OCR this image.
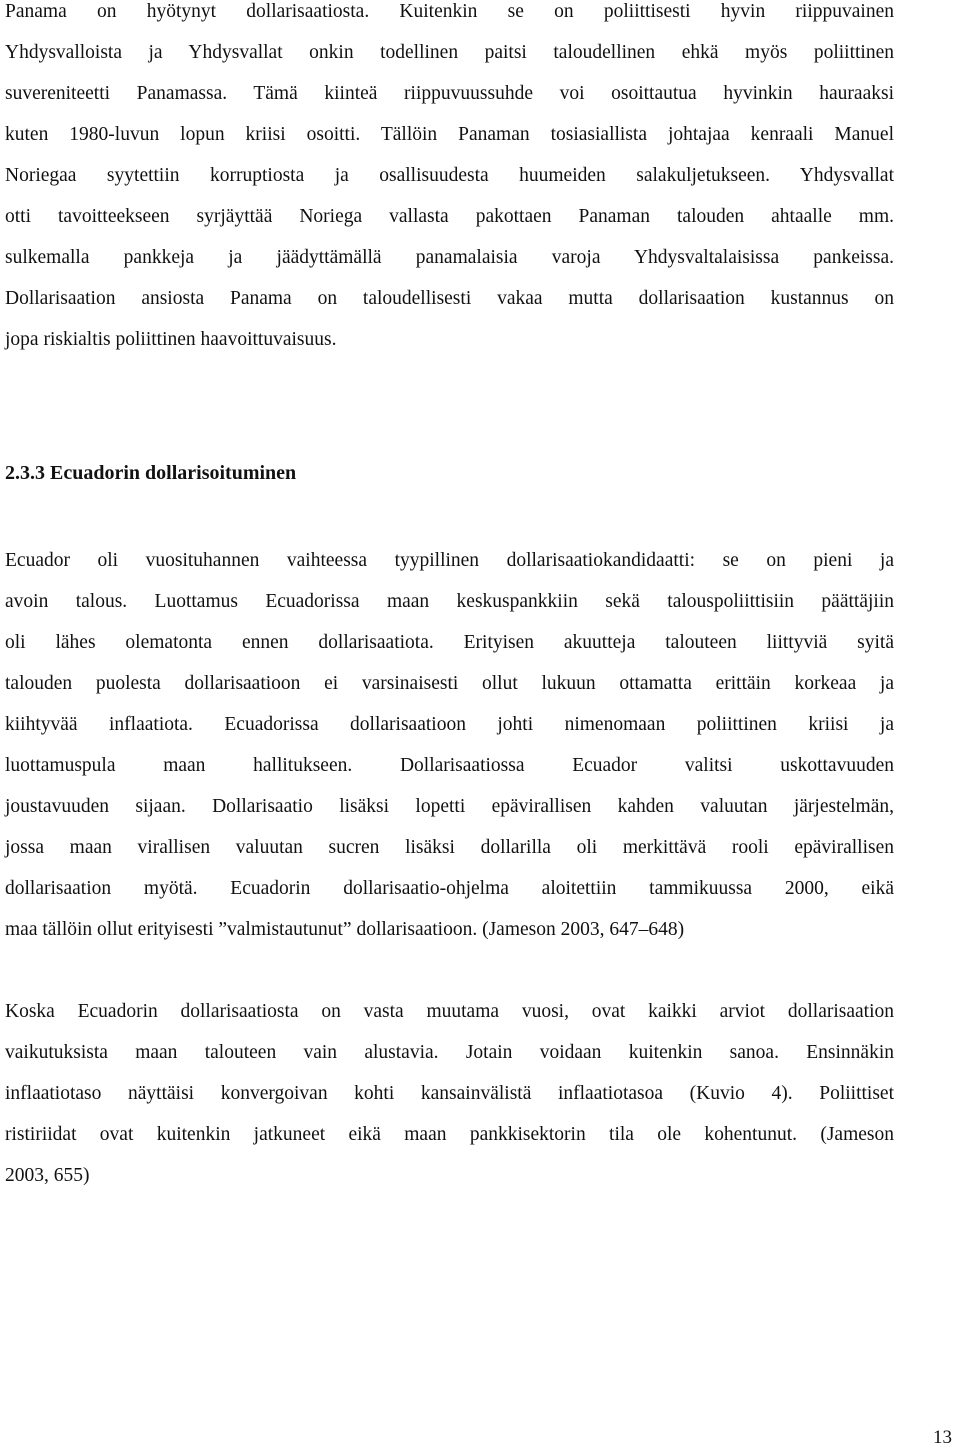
Panama on hyötynyt dollarisaatiosta. Kuitenkin se on poliittisesti hyvin riippuvainen

Yhdysvalloista ja Yhdysvallat onkin todellinen paitsi taloudellinen ehkä myös poliittinen

suvereniteetti Panamassa. Tämä kiinteä riippuvuussuhde voi osoittautua hyvinkin hauraaksi

kuten 1980-luvun lopun kriisi osoitti. Tällöin Panaman tosiasiallista johtajaa kenraali Manuel

Noriegaa syytettiin korruptiosta ja osallisuudesta huumeiden salakuljetukseen. Yhdysvallat

otti tavoitteekseen syrjäyttää Noriega vallasta pakottaen Panaman talouden ahtaalle mm.

sulkemalla pankkeja ja jäädyttämällä panamalaisia varoja Yhdysvaltalaisissa pankeissa.

Dollarisaation ansiosta Panama on taloudellisesti vakaa mutta dollarisaation kustannus on

jopa riskialtis poliittinen haavoittuvaisuus.

2.3.3 Ecuadorin dollarisoituminen

Ecuador oli vuosituhannen vaihteessa tyypillinen dollarisaatiokandidaatti: se on pieni ja

avoin talous. Luottamus Ecuadorissa maan keskuspankkiin sekä talouspoliittisiin päättäjiin

oli lähes olematonta ennen dollarisaatiota. Erityisen akuutteja talouteen liittyviä syitä

talouden puolesta dollarisaatioon ei varsinaisesti ollut lukuun ottamatta erittäin korkeaa ja

kiihtyvää inflaatiota. Ecuadorissa dollarisaatioon johti nimenomaan poliittinen kriisi ja

luottamuspula maan hallitukseen. Dollarisaatiossa Ecuador valitsi uskottavuuden

joustavuuden sijaan. Dollarisaatio lisäksi lopetti epävirallisen kahden valuutan järjestelmän,

jossa maan virallisen valuutan sucren lisäksi dollarilla oli merkittävä rooli epävirallisen

dollarisaation myötä. Ecuadorin dollarisaatio-ohjelma aloitettiin tammikuussa 2000, eikä

maa tällöin ollut erityisesti ”valmistautunut” dollarisaatioon. (Jameson 2003, 647–648)

Koska Ecuadorin dollarisaatiosta on vasta muutama vuosi, ovat kaikki arviot dollarisaation

vaikutuksista maan talouteen vain alustavia. Jotain voidaan kuitenkin sanoa. Ensinnäkin

inflaatiotaso näyttäisi konvergoivan kohti kansainvälistä inflaatiotasoa (Kuvio 4). Poliittiset

ristiriidat ovat kuitenkin jatkuneet eikä maan pankkisektorin tila ole kohentunut. (Jameson

2003, 655)

13
